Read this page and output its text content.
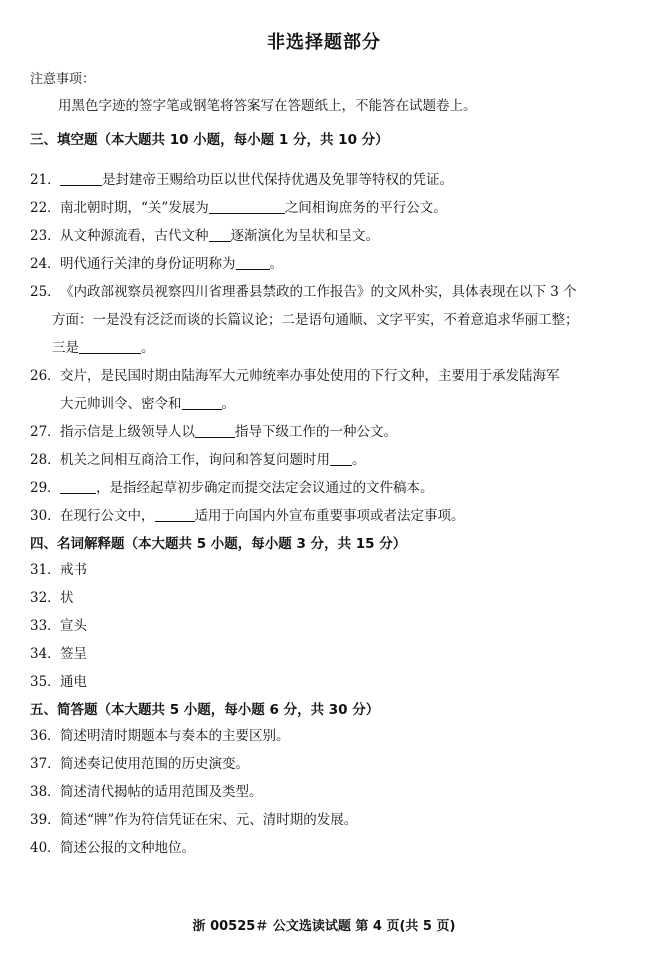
非选择题部分
注意事项：
用黑色字迹的签字笔或钢笔将答案写在答题纸上，不能答在试题卷上。
三、填空题（本大题共 10 小题，每小题 1 分，共 10 分）
21．	是封建帝王赐给功臣以世代保持优遇及免罪等特权的凭证。
22．南北朝时期，“关”发展为	之间相询庶务的平行公文。
23．从文种源流看，古代文种 逐渐演化为呈状和呈文。
24．明代通行关津的身份证明称为	。
25．《内政部视察员视察四川省理番县禁政的工作报告》的文风朴实，具体表现在以下 3 个
方面：一是没有泛泛而谈的长篇议论；二是语句通顺、文字平实，不着意追求华丽工整；
三是	。
26．交片，是民国时期由陆海军大元帅统率办事处使用的下行文种，主要用于承发陆海军
大元帅训令、密令和	。
27．指示信是上级领导人以	指导下级工作的一种公文。
28．机关之间相互商洽工作，询问和答复问题时用 。
29．	，是指经起草初步确定而提交法定会议通过的文件稿本。
30．在现行公文中，	适用于向国内外宣布重要事项或者法定事项。
四、名词解释题（本大题共 5 小题，每小题 3 分，共 15 分）
31．戒书
32．状
33．宣头
34．签呈
35．通电
五、简答题（本大题共 5 小题，每小题 6 分，共 30 分）
36．简述明清时期题本与奏本的主要区别。
37．简述奏记使用范围的历史演变。
38．简述清代揭帖的适用范围及类型。
39．简述“牌”作为符信凭证在宋、元、清时期的发展。
40．简述公报的文种地位。
浙 00525＃ 公文选读试题 第 4 页(共 5 页)
